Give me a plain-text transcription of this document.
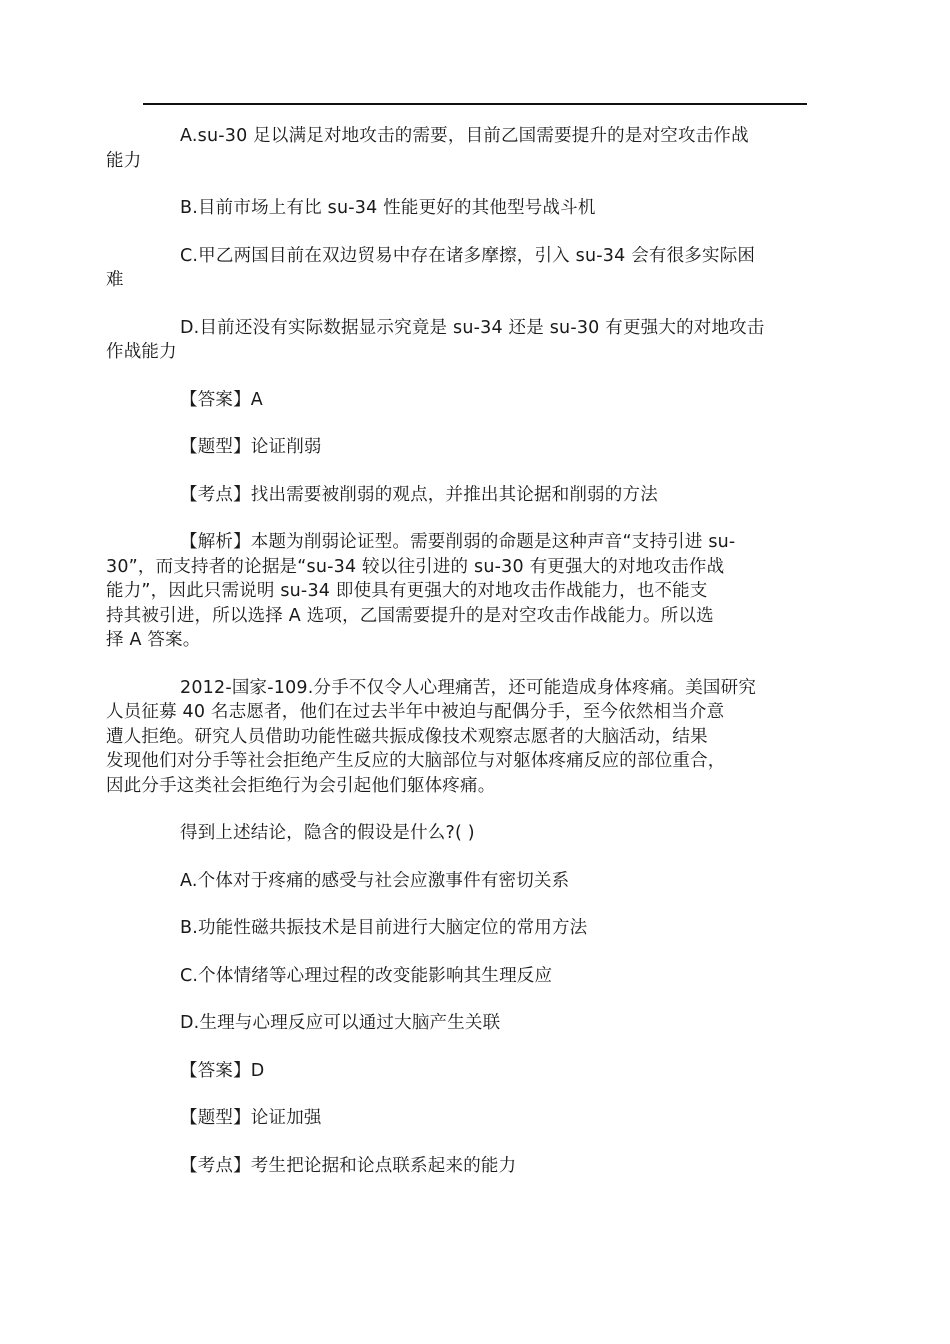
A.su-30 足以满足对地攻击的需要，目前乙国需要提升的是对空攻击作战
能力
B.目前市场上有比 su-34 性能更好的其他型号战斗机
C.甲乙两国目前在双边贸易中存在诸多摩擦，引入 su-34 会有很多实际困
难
D.目前还没有实际数据显示究竟是 su-34 还是 su-30 有更强大的对地攻击
作战能力
【答案】A
【题型】论证削弱
【考点】找出需要被削弱的观点，并推出其论据和削弱的方法
【解析】本题为削弱论证型。需要削弱的命题是这种声音“支持引进 su-
30”，而支持者的论据是“su-34 较以往引进的 su-30 有更强大的对地攻击作战
能力”，因此只需说明 su-34 即使具有更强大的对地攻击作战能力，也不能支
持其被引进，所以选择 A 选项，乙国需要提升的是对空攻击作战能力。所以选
择 A 答案。
2012-国家-109.分手不仅令人心理痛苦，还可能造成身体疼痛。美国研究
人员征募 40 名志愿者，他们在过去半年中被迫与配偶分手，至今依然相当介意
遭人拒绝。研究人员借助功能性磁共振成像技术观察志愿者的大脑活动，结果
发现他们对分手等社会拒绝产生反应的大脑部位与对躯体疼痛反应的部位重合，
因此分手这类社会拒绝行为会引起他们躯体疼痛。
得到上述结论，隐含的假设是什么?( )
A.个体对于疼痛的感受与社会应激事件有密切关系
B.功能性磁共振技术是目前进行大脑定位的常用方法
C.个体情绪等心理过程的改变能影响其生理反应
D.生理与心理反应可以通过大脑产生关联
【答案】D
【题型】论证加强
【考点】考生把论据和论点联系起来的能力
